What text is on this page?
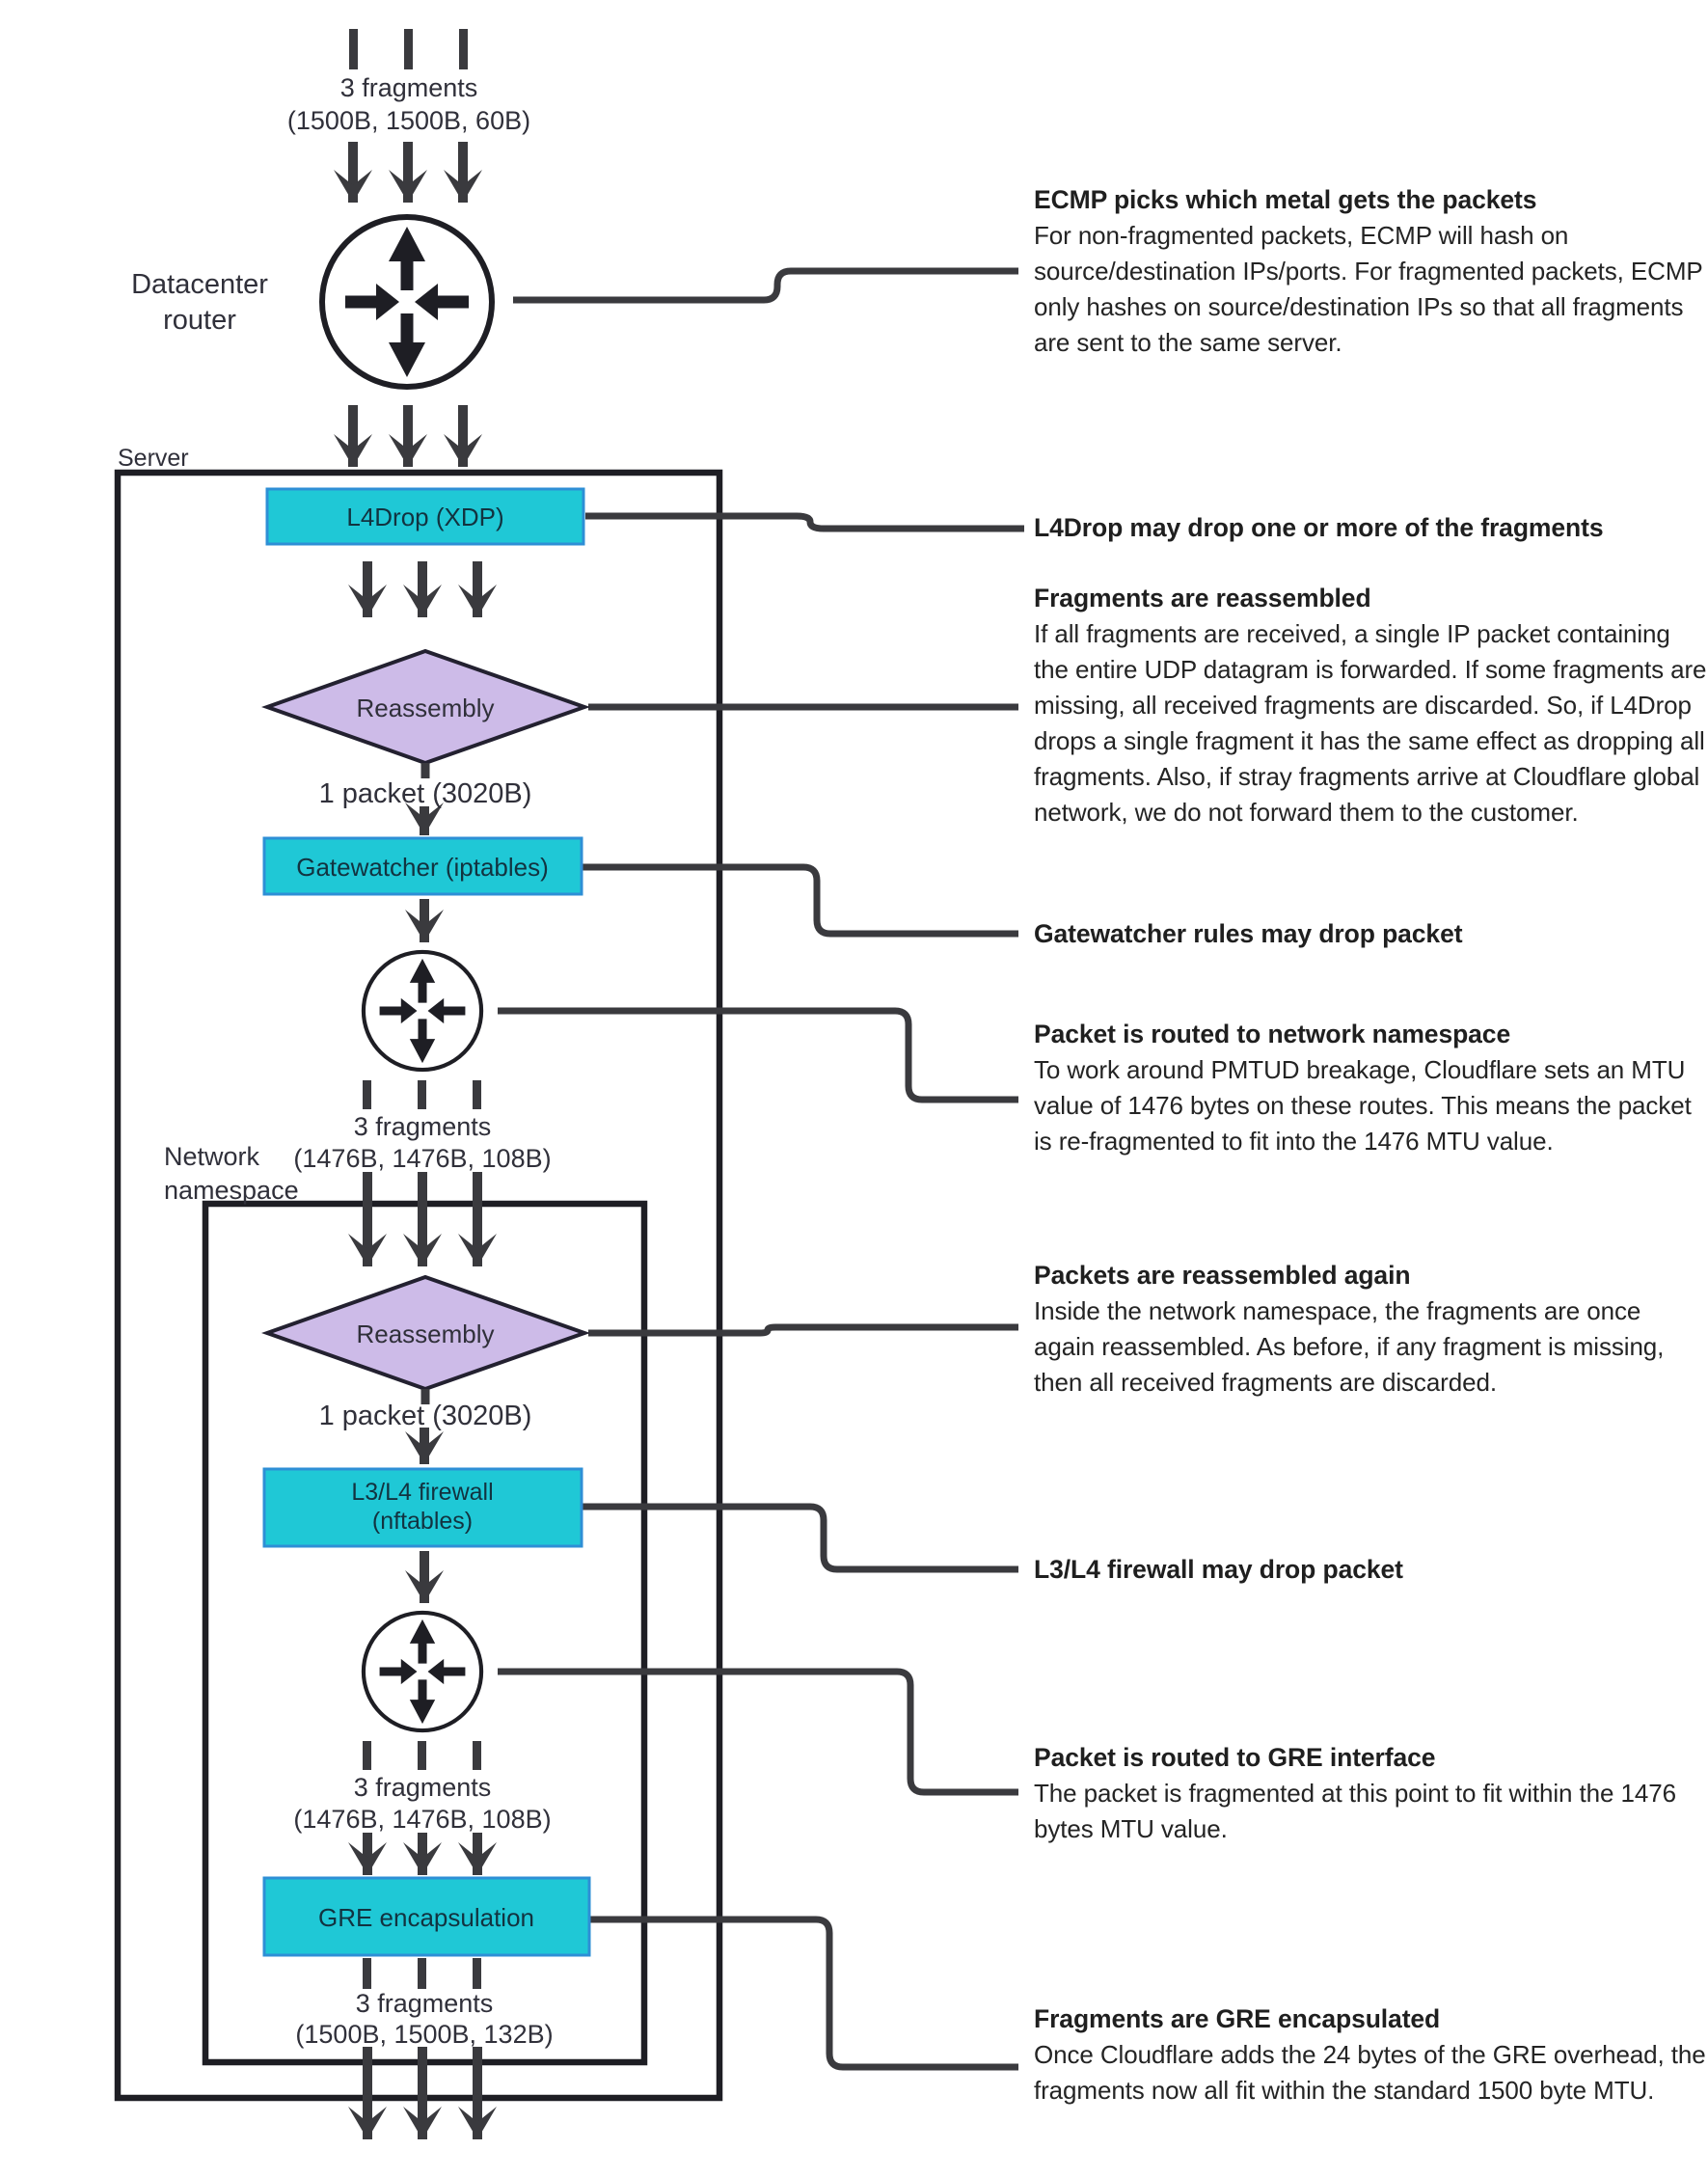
3 fragments
(1500B, 1500B, 60B)
Datacenter
router
Server
L4Drop (XDP)
Reassembly
1 packet (3020B)
Gatewatcher (iptables)
3 fragments
(1476B, 1476B, 108B)
Network
namespace
Reassembly
1 packet (3020B)
L3/L4 firewall
(nftables)
3 fragments
(1476B, 1476B, 108B)
GRE encapsulation
3 fragments
(1500B, 1500B, 132B)
ECMP picks which metal gets the packets

For non-fragmented packets, ECMP will hash on source/destination IPs/ports. For fragmented packets, ECMP only hashes on source/destination IPs so that all fragments are sent to the same server.

L4Drop may drop one or more of the fragments
Fragments are reassembled

If all fragments are received, a single IP packet containing the entire UDP datagram is forwarded. If some fragments are missing, all received fragments are discarded. So, if L4Drop drops a single fragment it has the same effect as dropping all fragments. Also, if stray fragments arrive at Cloudflare global network, we do not forward them to the customer.

Gatewatcher rules may drop packet
Packet is routed to network namespace

To work around PMTUD breakage, Cloudflare sets an MTU value of 1476 bytes on these routes. This means the packet is re-fragmented to fit into the 1476 MTU value.

Packets are reassembled again

Inside the network namespace, the fragments are once again reassembled. As before, if any fragment is missing, then all received fragments are discarded.

L3/L4 firewall may drop packet
Packet is routed to GRE interface

The packet is fragmented at this point to fit within the 1476 bytes MTU value.

Fragments are GRE encapsulated

Once Cloudflare adds the 24 bytes of the GRE overhead, the fragments now all fit within the standard 1500 byte MTU.
